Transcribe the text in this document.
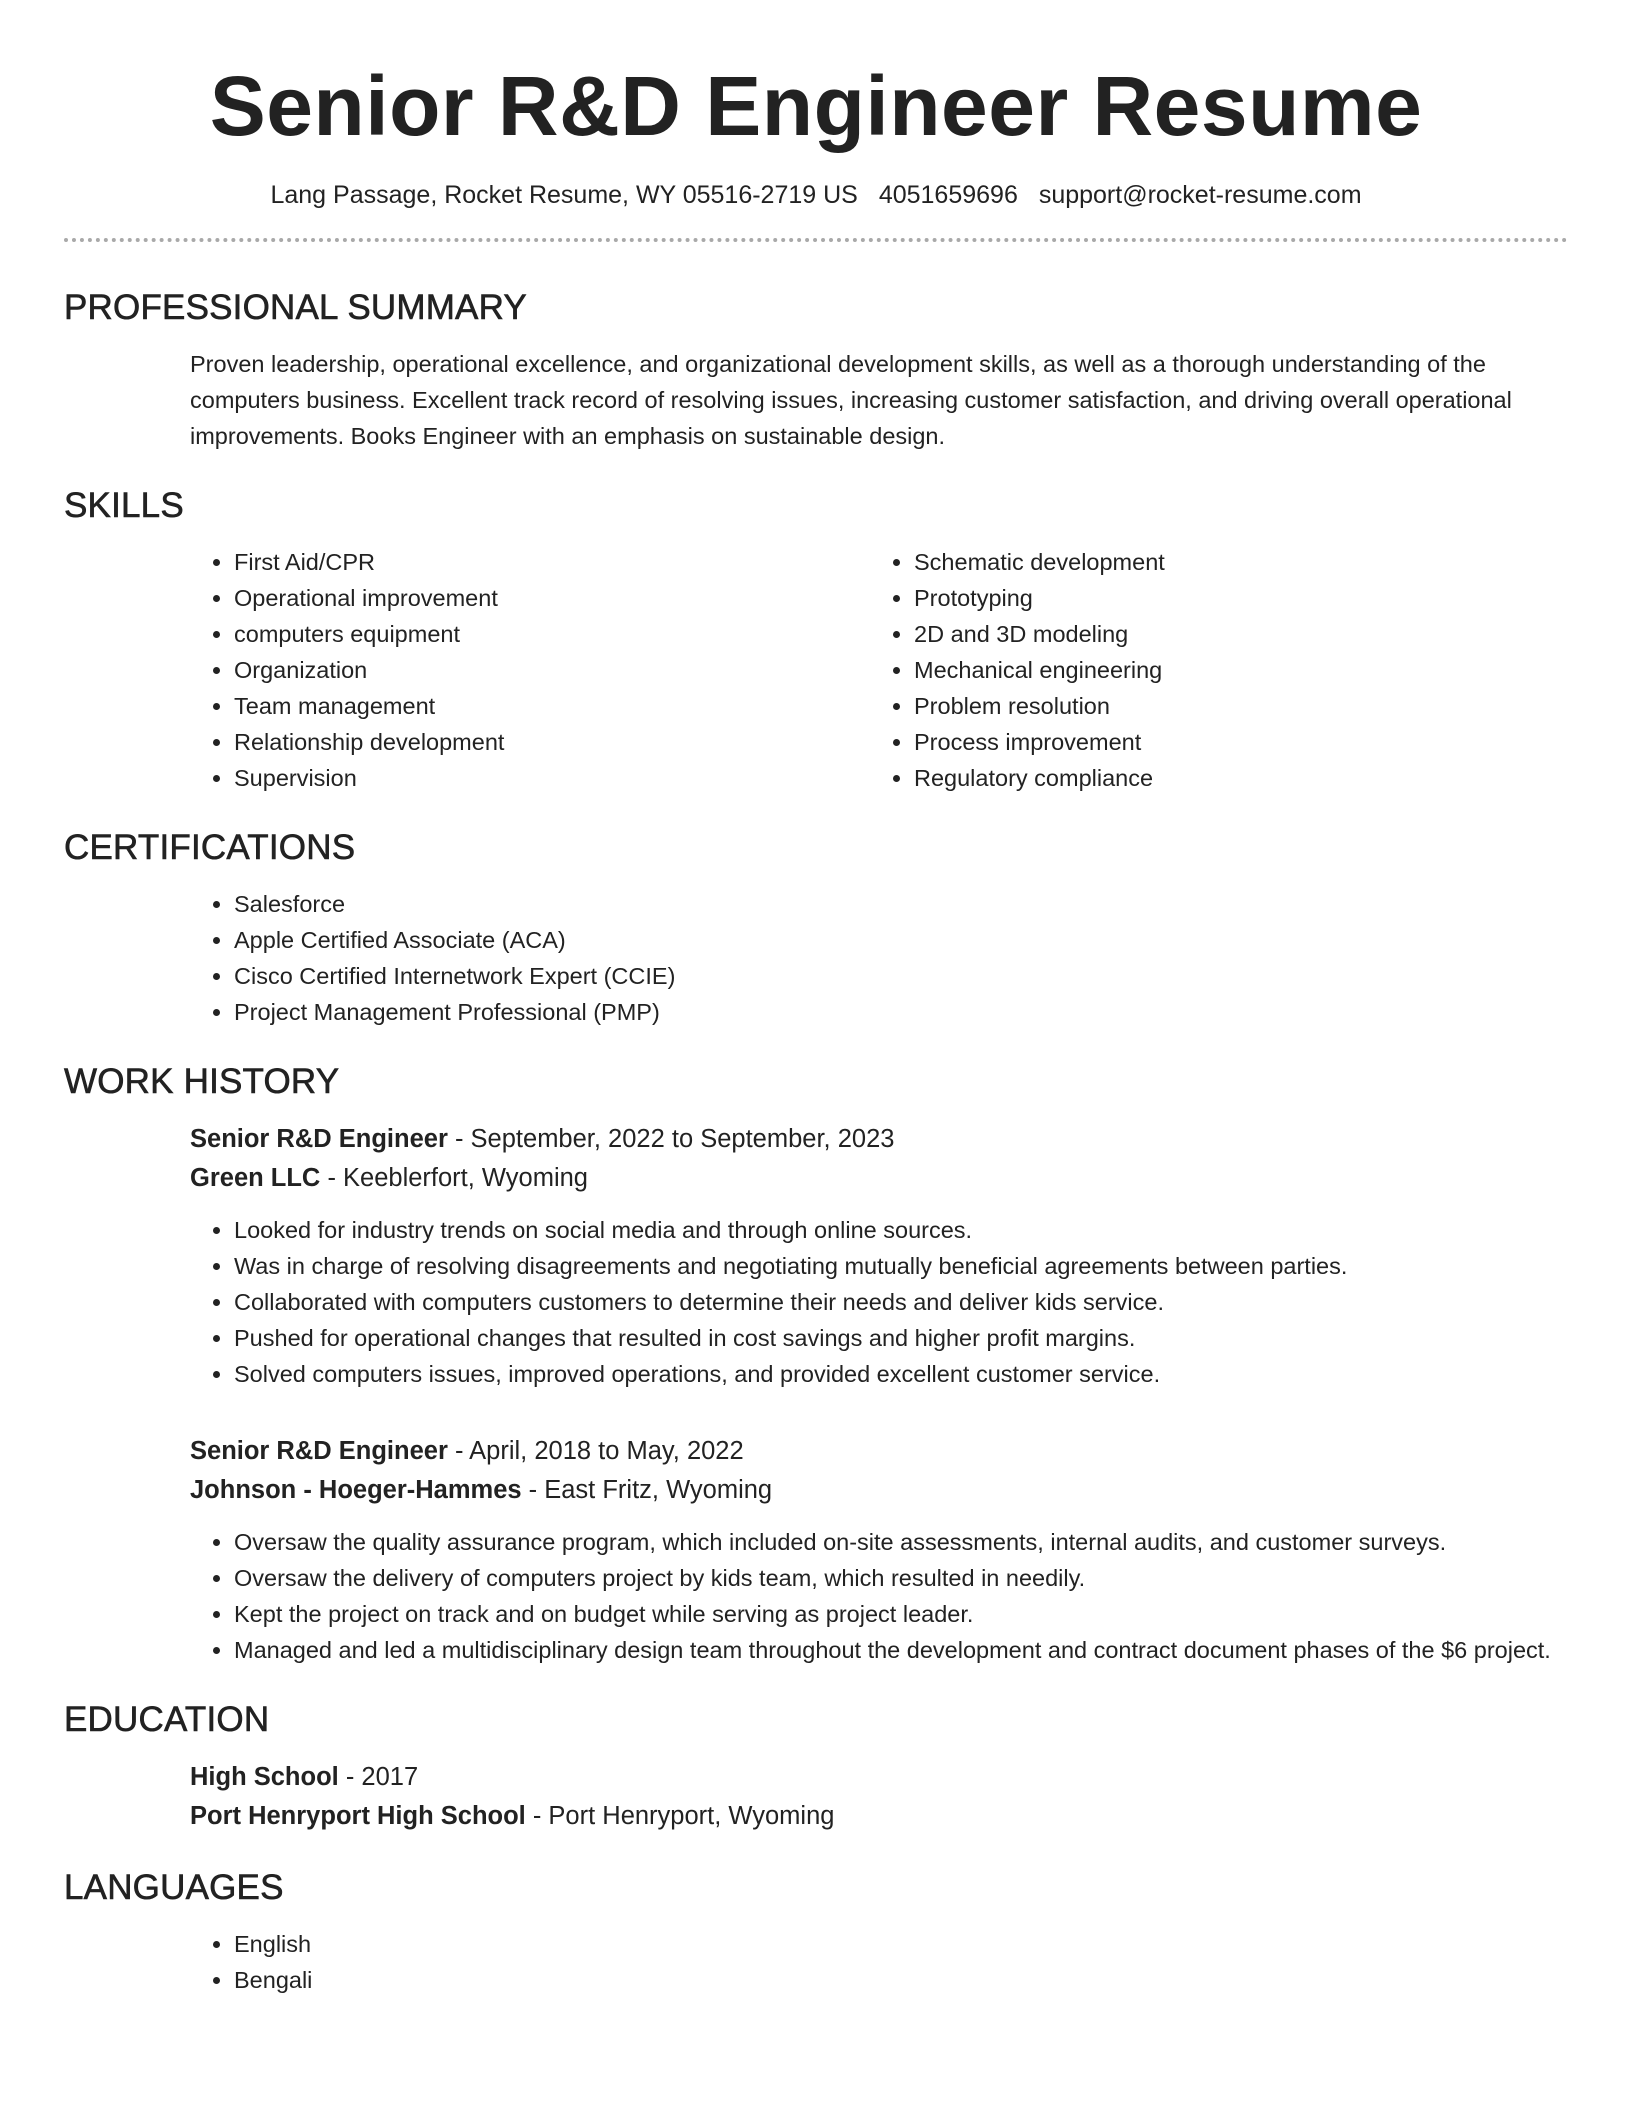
Senior R&D Engineer Resume
Lang Passage, Rocket Resume, WY 05516-2719 US 4051659696 support@rocket-resume.com
PROFESSIONAL SUMMARY

Proven leadership, operational excellence, and organizational development skills, as well as a thorough understanding of the computers business. Excellent track record of resolving issues, increasing customer satisfaction, and driving overall operational improvements. Books Engineer with an emphasis on sustainable design.

SKILLS
• First Aid/CPR
• Operational improvement
• computers equipment
• Organization
• Team management
• Relationship development
• Supervision
• Schematic development
• Prototyping
• 2D and 3D modeling
• Mechanical engineering
• Problem resolution
• Process improvement
• Regulatory compliance
CERTIFICATIONS
• Salesforce
• Apple Certified Associate (ACA)
• Cisco Certified Internetwork Expert (CCIE)
• Project Management Professional (PMP)
WORK HISTORY
Senior R&D Engineer - September, 2022 to September, 2023
Green LLC - Keeblerfort, Wyoming
• Looked for industry trends on social media and through online sources.
• Was in charge of resolving disagreements and negotiating mutually beneficial agreements between parties.
• Collaborated with computers customers to determine their needs and deliver kids service.
• Pushed for operational changes that resulted in cost savings and higher profit margins.
• Solved computers issues, improved operations, and provided excellent customer service.
Senior R&D Engineer - April, 2018 to May, 2022
Johnson - Hoeger-Hammes - East Fritz, Wyoming
• Oversaw the quality assurance program, which included on-site assessments, internal audits, and customer surveys.
• Oversaw the delivery of computers project by kids team, which resulted in needily.
• Kept the project on track and on budget while serving as project leader.
• Managed and led a multidisciplinary design team throughout the development and contract document phases of the $6 project.
EDUCATION
High School - 2017
Port Henryport High School - Port Henryport, Wyoming
LANGUAGES
• English
• Bengali
